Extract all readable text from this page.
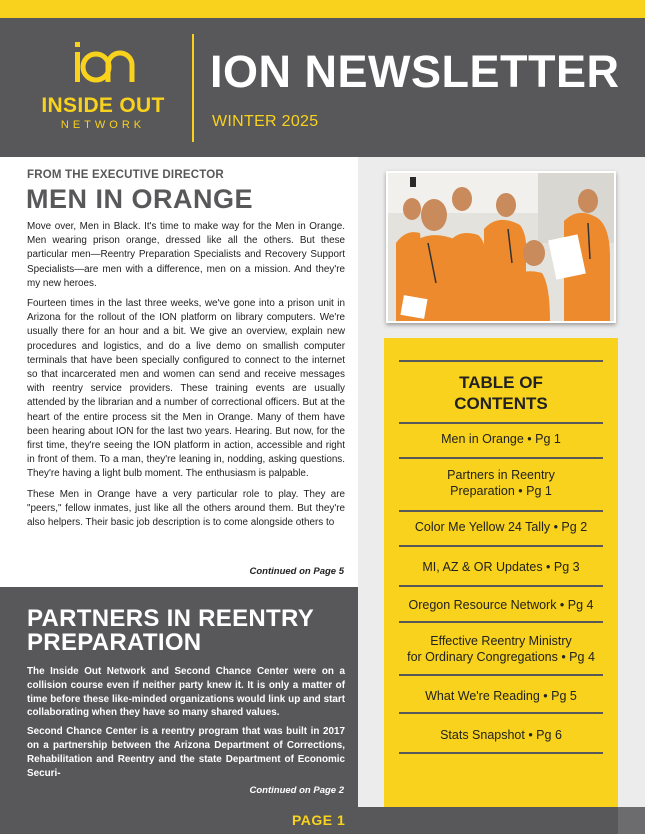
INSIDE OUT
NETWORK
ION NEWSLETTER
WINTER 2025
FROM THE EXECUTIVE DIRECTOR
MEN IN ORANGE

Move over, Men in Black. It's time to make way for the Men in Orange. Men wearing prison orange, dressed like all the others. But these particular men—Reentry Preparation Specialists and Recovery Support Specialists—are men with a difference, men on a mission. And they're my new heroes.

Fourteen times in the last three weeks, we've gone into a prison unit in Arizona for the rollout of the ION platform on library computers. We're usually there for an hour and a bit. We give an overview, explain new procedures and logistics, and do a live demo on smallish computer terminals that have been specially configured to connect to the internet so that incarcerated men and women can send and receive messages with reentry service providers. These training events are usually attended by the librarian and a number of correctional officers. But at the heart of the entire process sit the Men in Orange. Many of them have been hearing about ION for the last two years. Hearing. But now, for the first time, they're seeing the ION platform in action, accessible and right in front of them. To a man, they're leaning in, nodding, asking questions. They're having a light bulb moment. The enthusiasm is palpable.

These Men in Orange have a very particular role to play. They are "peers," fellow inmates, just like all the others around them. But they're also helpers. Their basic job description is to come alongside others to

Continued on Page 5
TABLE OF
CONTENTS
Men in Orange • Pg 1
Partners in Reentry
Preparation • Pg 1
Color Me Yellow 24 Tally • Pg 2
MI, AZ & OR Updates • Pg 3
Oregon Resource Network • Pg 4
Effective Reentry Ministry
for Ordinary Congregations • Pg 4
What We're Reading • Pg 5
Stats Snapshot • Pg 6
PARTNERS IN REENTRY
PREPARATION

The Inside Out Network and Second Chance Center were on a collision course even if neither party knew it. It is only a matter of time before these like-minded organizations would link up and start collaborating when they have so many shared values.

Second Chance Center is a reentry program that was built in 2017 on a partnership between the Arizona Department of Corrections, Rehabilitation and Reentry and the state Department of Economic Securi-

Continued on Page 2
PAGE 1
